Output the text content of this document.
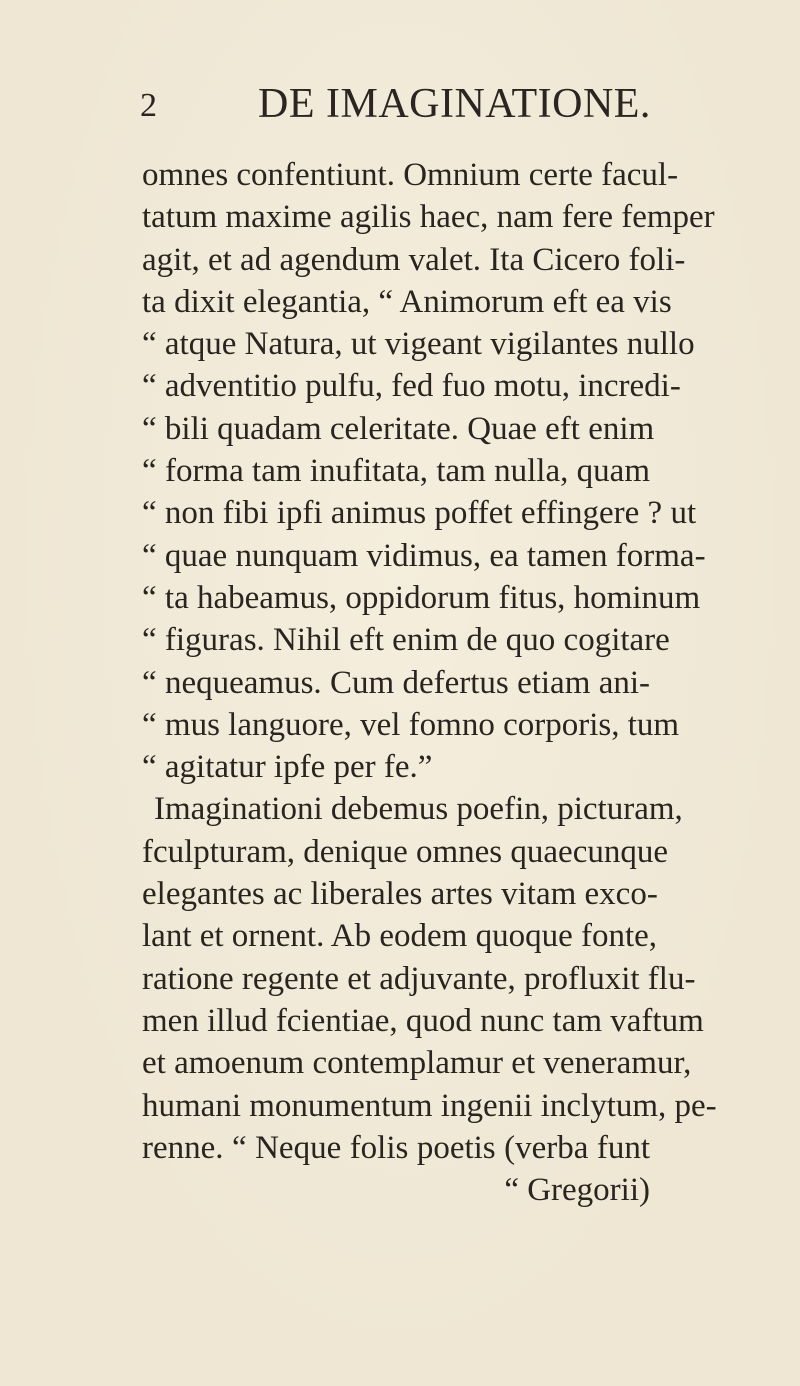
2 DE IMAGINATIONE.
omnes confentiunt. Omnium certe facul-
tatum maxime agilis haec, nam fere femper
agit, et ad agendum valet. Ita Cicero foli-
ta dixit elegantia, “ Animorum eft ea vis
“ atque Natura, ut vigeant vigilantes nullo
“ adventitio pulfu, fed fuo motu, incredi-
“ bili quadam celeritate. Quae eft enim
“ forma tam inufitata, tam nulla, quam
“ non fibi ipfi animus poffet effingere ? ut
“ quae nunquam vidimus, ea tamen forma-
“ ta habeamus, oppidorum fitus, hominum
“ figuras. Nihil eft enim de quo cogitare
“ nequeamus. Cum defertus etiam ani-
“ mus languore, vel fomno corporis, tum
“ agitatur ipfe per fe.”
Imaginationi debemus poefin, picturam,
fculpturam, denique omnes quaecunque
elegantes ac liberales artes vitam exco-
lant et ornent. Ab eodem quoque fonte,
ratione regente et adjuvante, profluxit flu-
men illud fcientiae, quod nunc tam vaftum
et amoenum contemplamur et veneramur,
humani monumentum ingenii inclytum, pe-
renne. “ Neque folis poetis (verba funt
“ Gregorii)
